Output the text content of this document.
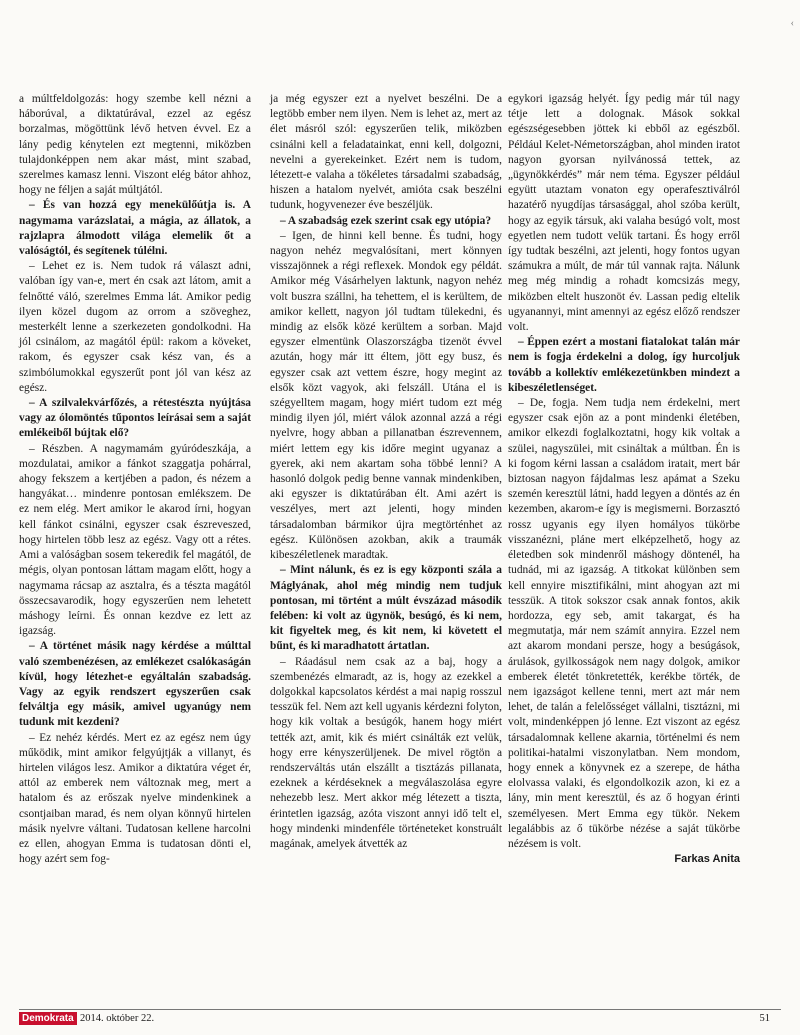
‹

a múltfeldolgozás: hogy szembe kell nézni a háborúval, a diktatúrával, ezzel az egész borzalmas, mögöttünk lévő hetven évvel. Ez a lány pedig kénytelen ezt megtenni, miközben tulajdonképpen nem akar mást, mint szabad, szerelmes kamasz lenni. Viszont elég bátor ahhoz, hogy ne féljen a saját múltjától.

– És van hozzá egy menekülőútja is. A nagymama varázslatai, a mágia, az állatok, a rajzlapra álmodott világa elemelik őt a valóságtól, és segítenek túlélni.

– Lehet ez is. Nem tudok rá választ adni, valóban így van-e, mert én csak azt látom, amit a felnőtté váló, szerelmes Emma lát. Amikor pedig ilyen közel dugom az orrom a szöveghez, mesterkélt lenne a szerkezeten gondolkodni. Ha jól csinálom, az magától épül: rakom a köveket, rakom, és egyszer csak kész van, és a szimbólumokkal egyszerűt pont jól van kész az egész.

– A szilvalekvárfőzés, a rétestészta nyújtása vagy az ólomöntés tűpontos leírásai sem a saját emlékeiből bújtak elő?

– Részben. A nagymamám gyúródeszkája, a mozdulatai, amikor a fánkot szaggatja pohárral, ahogy fekszem a kertjében a padon, és nézem a hangyákat… mindenre pontosan emlékszem. De ez nem elég. Mert amikor le akarod írni, hogyan kell fánkot csinálni, egyszer csak észreveszed, hogy hirtelen több lesz az egész. Vagy ott a rétes. Ami a valóságban sosem tekeredik fel magától, de mégis, olyan pontosan láttam magam előtt, hogy a nagymama rácsap az asztalra, és a tészta magától összecsavarodik, hogy egyszerűen nem lehetett máshogy leírni. És onnan kezdve ez lett az igazság.

– A történet másik nagy kérdése a múlttal való szembenézésen, az emlékezet csalókaságán kívül, hogy létezhet-e egyáltalán szabadság. Vagy az egyik rendszert egyszerűen csak felváltja egy másik, amivel ugyanúgy nem tudunk mit kezdeni?

– Ez nehéz kérdés. Mert ez az egész nem úgy működik, mint amikor felgyújtják a villanyt, és hirtelen világos lesz. Amikor a diktatúra véget ér, attól az emberek nem változnak meg, mert a hatalom és az erőszak nyelve mindenkinek a csontjaiban marad, és nem olyan könnyű hirtelen másik nyelvre váltani. Tudatosan kellene harcolni ez ellen, ahogyan Emma is tudatosan dönti el, hogy azért sem fog-

ja még egyszer ezt a nyelvet beszélni. De a legtöbb ember nem ilyen. Nem is lehet az, mert az élet másról szól: egyszerűen telik, miközben csinálni kell a feladatainkat, enni kell, dolgozni, nevelni a gyerekeinket. Ezért nem is tudom, létezett-e valaha a tökéletes társadalmi szabadság, hiszen a hatalom nyelvét, amióta csak beszélni tudunk, hogyvenezer éve beszéljük.

– A szabadság ezek szerint csak egy utópia?

– Igen, de hinni kell benne. És tudni, hogy nagyon nehéz megvalósítani, mert könnyen visszajönnek a régi reflexek. Mondok egy példát. Amikor még Vásárhelyen laktunk, nagyon nehéz volt buszra szállni, ha tehettem, el is kerültem, de amikor kellett, nagyon jól tudtam tülekedni, és mindig az elsők közé kerültem a sorban. Majd egyszer elmentünk Olaszországba tizenöt évvel azután, hogy már itt éltem, jött egy busz, és egyszer csak azt vettem észre, hogy megint az elsők közt vagyok, aki felszáll. Utána el is szégyelltem magam, hogy miért tudom ezt még mindig ilyen jól, miért válok azonnal azzá a régi nyelvre, hogy abban a pillanatban észrevennem, miért lettem egy kis időre megint ugyanaz a gyerek, aki nem akartam soha többé lenni? A hasonló dolgok pedig benne vannak mindenkiben, aki egyszer is diktatúrában élt. Ami azért is veszélyes, mert azt jelenti, hogy minden társadalomban bármikor újra megtörténhet az egész. Különösen azokban, akik a traumák kibeszéletlenek maradtak.

– Mint nálunk, és ez is egy központi szála a Máglyának, ahol még mindig nem tudjuk pontosan, mi történt a múlt évszázad második felében: ki volt az ügynök, besúgó, és ki nem, kit figyeltek meg, és kit nem, ki követett el bűnt, és ki maradhatott ártatlan.

– Ráadásul nem csak az a baj, hogy a szembenézés elmaradt, az is, hogy az ezekkel a dolgokkal kapcsolatos kérdést a mai napig rosszul tesszük fel. Nem azt kell ugyanis kérdezni folyton, hogy kik voltak a besúgók, hanem hogy miért tették azt, amit, kik és miért csinálták ezt velük, hogy erre kényszerüljenek. De mivel rögtön a rendszerváltás után elszállt a tisztázás pillanata, ezeknek a kérdéseknek a megválaszolása egyre nehezebb lesz. Mert akkor még létezett a tiszta, érintetlen igazság, azóta viszont annyi idő telt el, hogy mindenki mindenféle történeteket konstruált magának, amelyek átvették az

egykori igazság helyét. Így pedig már túl nagy tétje lett a dolognak. Mások sokkal egészségesebben jöttek ki ebből az egészből. Például Kelet-Németországban, ahol minden iratot nagyon gyorsan nyilvánossá tettek, az „ügynökkérdés” már nem téma. Egyszer például együtt utaztam vonaton egy operafesztiválról hazatérő nyugdíjas társasággal, ahol szóba került, hogy az egyik társuk, aki valaha besúgó volt, most egyetlen nem tudott velük tartani. És hogy erről így tudtak beszélni, azt jelenti, hogy fontos ugyan számukra a múlt, de már túl vannak rajta. Nálunk meg még mindig a rohadt komcsizás megy, miközben eltelt huszonöt év. Lassan pedig eltelik ugyanannyi, mint amennyi az egész előző rendszer volt.

– Éppen ezért a mostani fiatalokat talán már nem is fogja érdekelni a dolog, így hurcoljuk tovább a kollektív emlékezetünkben mindezt a kibeszéletlenséget.

– De, fogja. Nem tudja nem érdekelni, mert egyszer csak ejön az a pont mindenki életében, amikor elkezdi foglalkoztatni, hogy kik voltak a szülei, nagyszülei, mit csináltak a múltban. Én is ki fogom kérni lassan a családom iratait, mert bár biztosan nagyon fájdalmas lesz apámat a Szeku szemén keresztül látni, hadd legyen a döntés az én kezemben, akarom-e így is megismerni. Borzasztó rossz ugyanis egy ilyen homályos tükörbe visszanézni, pláne mert elképzelhető, hogy az életedben sok mindenről máshogy döntenél, ha tudnád, mi az igazság. A titkokat különben sem kell ennyire misztifikálni, mint ahogyan azt mi tesszük. A titok sokszor csak annak fontos, akik hordozza, egy seb, amit takargat, és ha megmutatja, már nem számít annyira. Ezzel nem azt akarom mondani persze, hogy a besúgások, árulások, gyilkosságok nem nagy dolgok, amikor emberek életét tönkretették, kerékbe törték, de nem igazságot kellene tenni, mert azt már nem lehet, de talán a felelősséget vállalni, tisztázni, mi volt, mindenképpen jó lenne. Ezt viszont az egész társadalomnak kellene akarnia, történelmi és nem politikai-hatalmi viszonylatban. Nem mondom, hogy ennek a könyvnek ez a szerepe, de hátha elolvassa valaki, és elgondolkozik azon, ki ez a lány, min ment keresztül, és az ő hogyan érinti személyesen. Mert Emma egy tükör. Nekem legalábbis az ő tükörbe nézése a saját tükörbe nézésem is volt.

Farkas Anita

Demokrata 2014. október 22.	51
